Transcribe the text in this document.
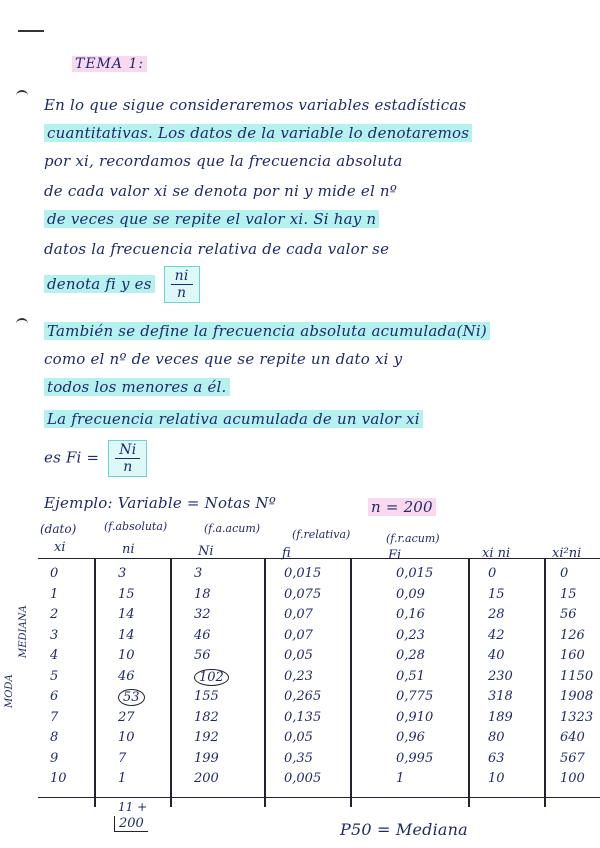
TEMA 1:
En lo que sigue consideraremos variables estadísticas
cuantitativas. Los datos de la variable lo denotaremos
por xi, recordamos que la frecuencia absoluta
de cada valor xi se denota por ni y mide el nº
de veces que se repite el valor xi. Si hay n
datos la frecuencia relativa de cada valor se
denota fi y es $\frac{ni}{n}$
También se define la frecuencia absoluta acumulada(Ni)
como el nº de veces que se repite un dato xi y
todos los menores a él.
La frecuencia relativa acumulada de un valor xi
es $Fi = \frac{Ni}{n}$
Ejemplo: Variable = Notas Nº	n = 200
(dato)	(f.absoluta)	(f.a.acum)	(f.relativa)	(f.r.acum)
xi	ni	Ni	fi	Fi	xi ni	xi²ni
0	3	3	0,015	0,015	0	0
1	15	18	0,075	0,09	15	15
2	14	32	0,07	0,16	28	56
3	14	46	0,07	0,23	42	126
4	10	56	0,05	0,28	40	160
5	46	102	0,23	0,51	230	1150
6	53	155	0,265	0,775	318	1908
7	27	182	0,135	0,910	189	1323
8	10	192	0,05	0,96	80	640
9	7	199	0,35	0,995	63	567
10	1	200	0,005	1	10	100
MEDIANA
MODA
11 +
200	P50 = Mediana
